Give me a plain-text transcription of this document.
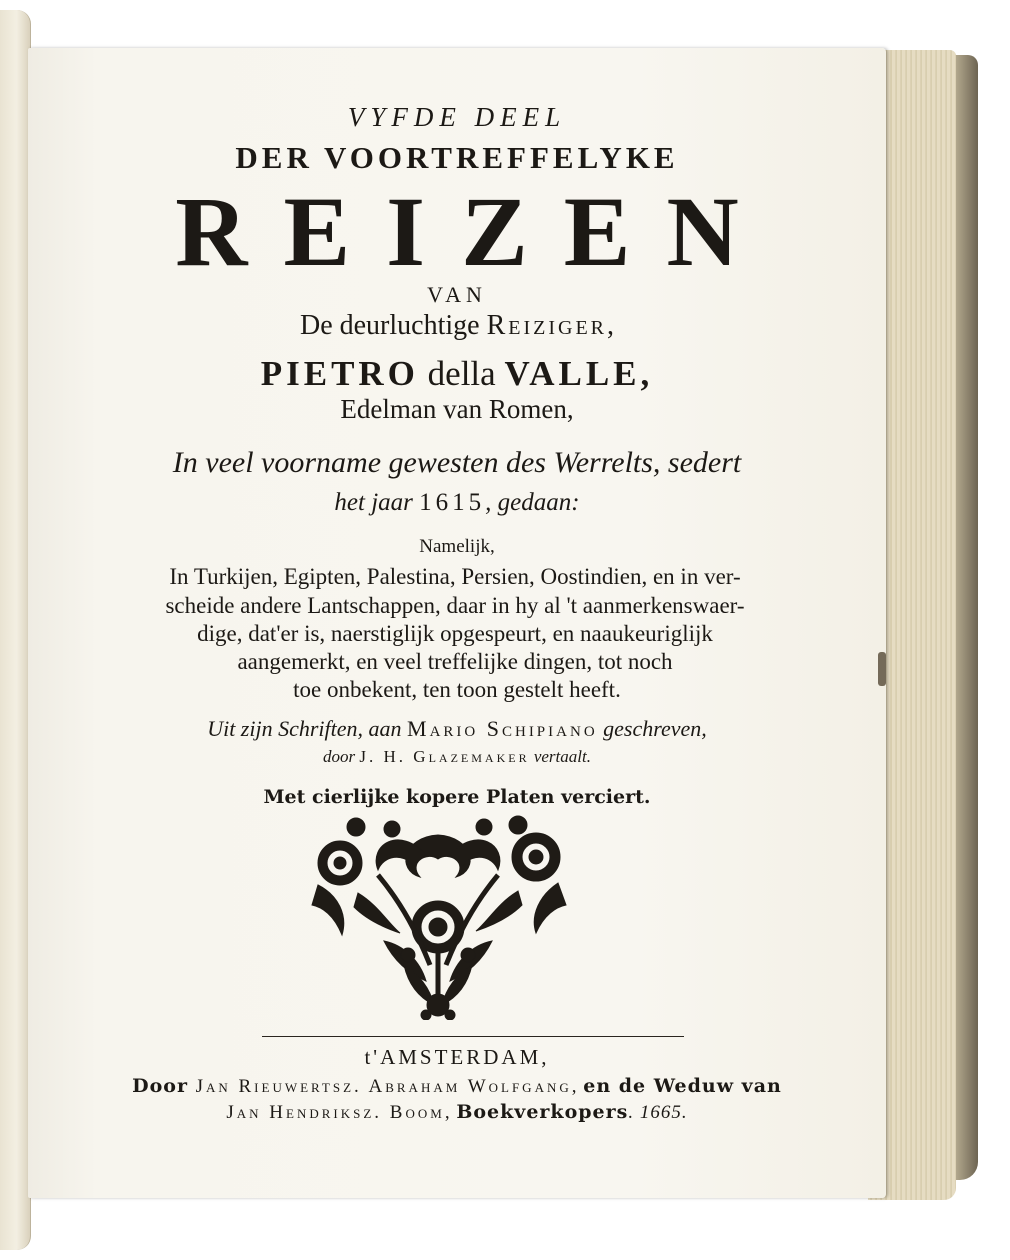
VYFDE DEEL

DER VOORTREFFELYKE

REIZEN

VAN

De deurluchtige Reiziger,

PIETRO della VALLE,

Edelman van Romen,

In veel voorname gewesten des Werrelts, sedert

het jaar 1615, gedaan:

Namelijk,

In Turkijen, Egipten, Palestina, Persien, Oostindien, en in ver-

scheide andere Lantschappen, daar in hy al 't aanmerkenswaer-

dige, dat'er is, naerstiglijk opgespeurt, en naaukeuriglijk

aangemerkt, en veel treffelijke dingen, tot noch

toe onbekent, ten toon gestelt heeft.

Uit zijn Schriften, aan Mario Schipiano geschreven,

door J. H. Glazemaker vertaalt.

Met cierlijke kopere Platen verciert.

t'AMSTERDAM,

Door Jan Rieuwertsz. Abraham Wolfgang, en de Weduw van

Jan Hendriksz. Boom, Boekverkopers. 1665.
